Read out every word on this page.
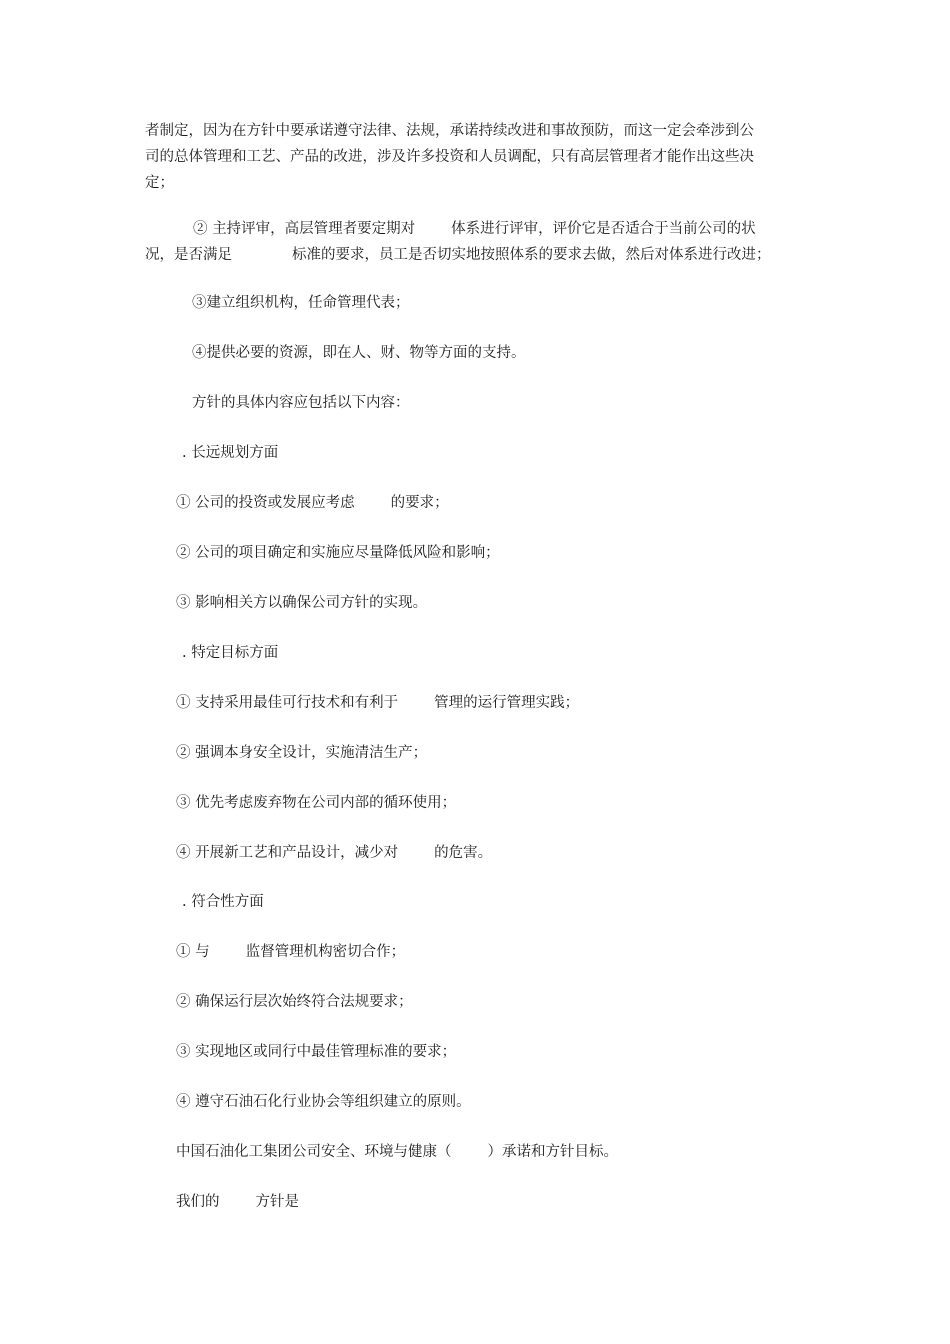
者制定，因为在方针中要承诺遵守法律、法规，承诺持续改进和事故预防，而这一定会牵涉到公
司的总体管理和工艺、产品的改进，涉及许多投资和人员调配，只有高层管理者才能作出这些决
定；
② 主持评审，高层管理者要定期对 体系进行评审，评价它是否适合于当前公司的状
况，是否满足	标准的要求，员工是否切实地按照体系的要求去做，然后对体系进行改进；

③建立组织机构，任命管理代表；

④提供必要的资源，即在人、财、物等方面的支持。

方针的具体内容应包括以下内容：

. 长远规划方面

① 公司的投资或发展应考虑 的要求；

② 公司的项目确定和实施应尽量降低风险和影响；

③ 影响相关方以确保公司方针的实现。

. 特定目标方面

① 支持采用最佳可行技术和有利于 管理的运行管理实践；

② 强调本身安全设计，实施清洁生产；

③ 优先考虑废弃物在公司内部的循环使用；

④ 开展新工艺和产品设计，减少对 的危害。

. 符合性方面

① 与 监督管理机构密切合作；

② 确保运行层次始终符合法规要求；

③ 实现地区或同行中最佳管理标准的要求；

④ 遵守石油石化行业协会等组织建立的原则。

中国石油化工集团公司安全、环境与健康（ ）承诺和方针目标。

我们的 方针是
